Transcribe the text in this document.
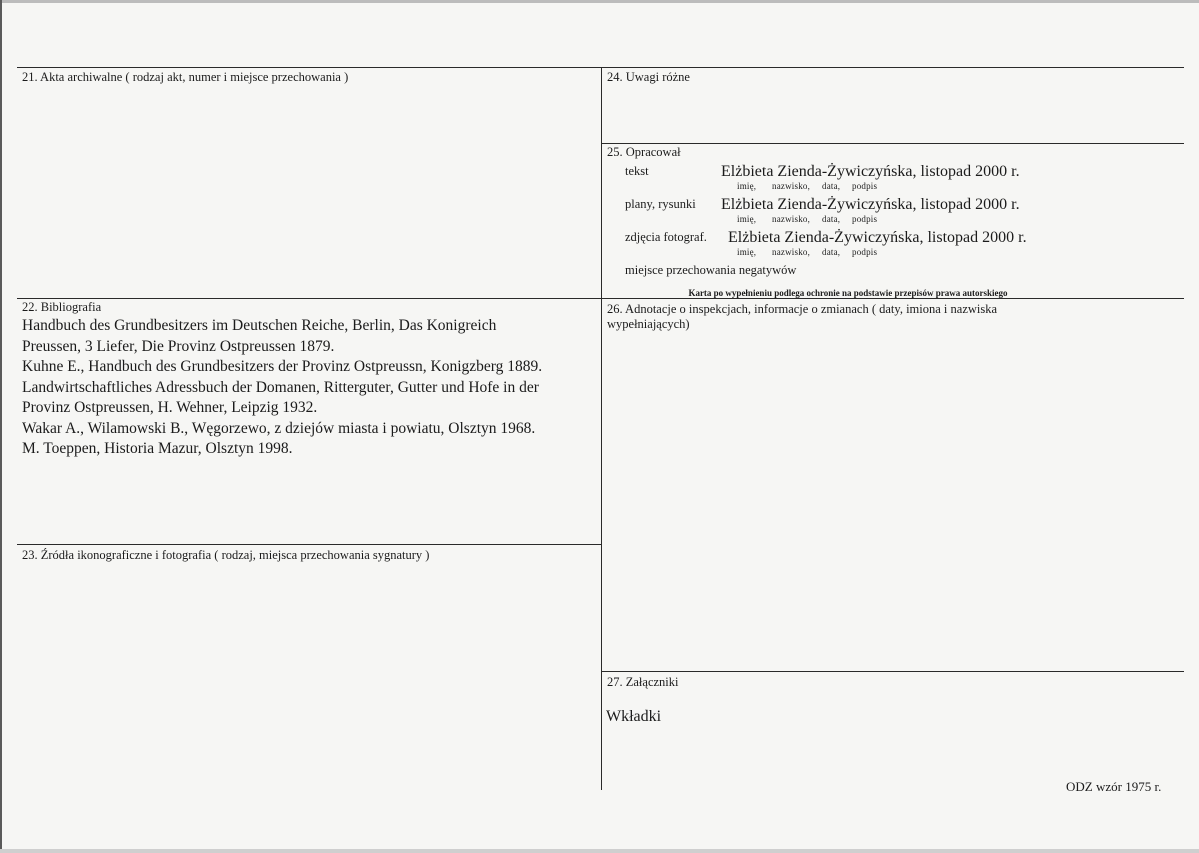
21. Akta archiwalne ( rodzaj akt, numer i miejsce przechowania )
22. Bibliografia
Handbuch des Grundbesitzers im Deutschen Reiche, Berlin, Das Konigreich
Preussen, 3 Liefer, Die Provinz Ostpreussen 1879.
Kuhne E., Handbuch des Grundbesitzers der Provinz Ostpreussn, Konigzberg 1889.
Landwirtschaftliches Adressbuch der Domanen, Ritterguter, Gutter und Hofe in der
Provinz Ostpreussen, H. Wehner, Leipzig 1932.
Wakar A., Wilamowski B., Węgorzewo, z dziejów miasta i powiatu, Olsztyn 1968.
M. Toeppen, Historia Mazur, Olsztyn 1998.
23. Źródła ikonograficzne i fotografia ( rodzaj, miejsca przechowania sygnatury )
24. Uwagi różne
25. Opracował
tekst	Elżbieta Zienda-Żywiczyńska, listopad 2000 r.
imię, nazwisko, data, podpis
plany, rysunki Elżbieta Zienda-Żywiczyńska, listopad 2000 r.
imię, nazwisko, data, podpis
zdjęcia fotograf. Elżbieta Zienda-Żywiczyńska, listopad 2000 r.
imię, nazwisko, data, podpis
miejsce przechowania negatywów
Karta po wypełnieniu podlega ochronie na podstawie przepisów prawa autorskiego
26. Adnotacje o inspekcjach, informacje o zmianach ( daty, imiona i nazwiska
wypełniających)
27. Załączniki
Wkładki
ODZ wzór 1975 r.
